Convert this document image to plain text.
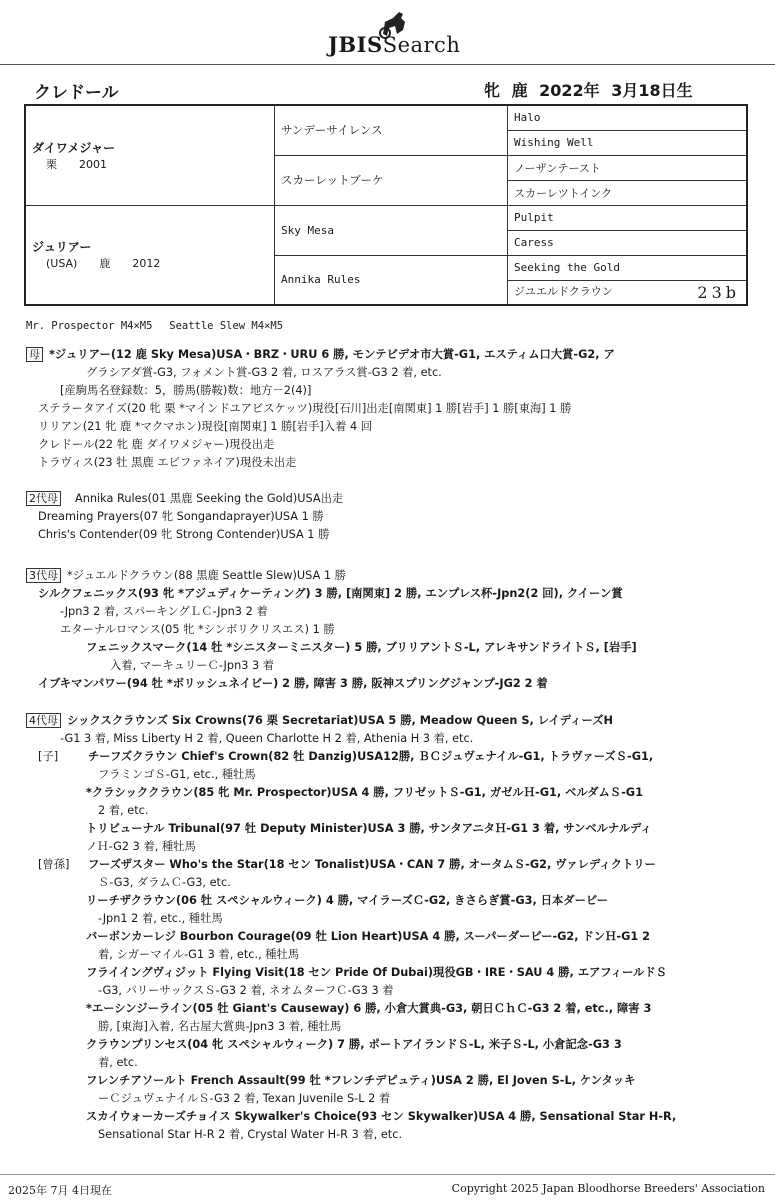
JBISSearch
クレドール	牝 鹿 2022年 3月18日生
ダイワメジャー
栗　　2001	サンデーサイレンス	Halo
		Wishing Well
	スカーレットブーケ	ノーザンテースト
		スカーレツトインク

ジュリアー
(USA)　　鹿　　2012	Sky Mesa	Pulpit
		Caress
	Annika Rules	Seeking the Gold
		ジユエルドクラウン 23b
Mr. Prospector M4×M5　 Seattle Slew M4×M5
母 *ジュリアー(12 鹿 Sky Mesa)USA・BRZ・URU 6 勝, モンテビデオ市大賞-G1, エスティム口大賞-G2, ア
グラシアダ賞-G3, フォメント賞-G3 2 着, ロスアラス賞-G3 2 着, etc.
[産駒馬名登録数：5，勝馬(勝鞍)数：地方－2(4)]
ステラータアイズ(20 牝 栗 *マインドユアビスケッツ)現役[石川]出走[南関東] 1 勝[岩手] 1 勝[東海] 1 勝
リリアン(21 牝 鹿 *マクマホン)現役[南関東] 1 勝[岩手]入着 4 回
クレドール(22 牝 鹿 ダイワメジャー)現役出走
トラヴィス(23 牡 黒鹿 エピファネイア)現役未出走
2代母 Annika Rules(01 黒鹿 Seeking the Gold)USA出走
Dreaming Prayers(07 牝 Songandaprayer)USA 1 勝
Chris's Contender(09 牝 Strong Contender)USA 1 勝
3代母 *ジュエルドクラウン(88 黒鹿 Seattle Slew)USA 1 勝
シルクフェニックス(93 牝 *アジュディケーティング) 3 勝, [南関東] 2 勝, エンプレス杯-Jpn2(2 回), クイーン賞
-Jpn3 2 着, スパーキングＬＣ-Jpn3 2 着
エターナルロマンス(05 牝 *シンボリクリスエス) 1 勝
フェニックスマーク(14 牡 *シニスターミニスター) 5 勝, ブリリアントＳ-L, アレキサンドライトＳ, [岩手]
入着, マーキュリーＣ-Jpn3 3 着
イブキマンパワー(94 牡 *ボリッシュネイビー) 2 勝, 障害 3 勝, 阪神スプリングジャンプ-JG2 2 着
4代母 シックスクラウンズ Six Crowns(76 栗 Secretariat)USA 5 勝, Meadow Queen S, レイディーズH
-G1 3 着, Miss Liberty H 2 着, Queen Charlotte H 2 着, Athenia H 3 着, etc.
[子]	チーフズクラウン Chief's Crown(82 牡 Danzig)USA12勝, ＢＣジュヴェナイル-G1, トラヴァーズＳ-G1,
フラミンゴＳ-G1, etc., 種牡馬
*クラシッククラウン(85 牝 Mr. Prospector)USA 4 勝, フリゼットＳ-G1, ガゼルＨ-G1, ベルダムＳ-G1
2 着, etc.
トリビューナル Tribunal(97 牡 Deputy Minister)USA 3 勝, サンタアニタＨ-G1 3 着, サンベルナルディ
ノＨ-G2 3 着, 種牡馬
[曾孫] フーズザスター Who's the Star(18 セン Tonalist)USA・CAN 7 勝, オータムＳ-G2, ヴァレディクトリー
Ｓ-G3, ダラムＣ-G3, etc.
リーチザクラウン(06 牡 スペシャルウィーク) 4 勝, マイラーズＣ-G2, きさらぎ賞-G3, 日本ダービー
-Jpn1 2 着, etc., 種牡馬
バーボンカーレジ Bourbon Courage(09 牡 Lion Heart)USA 4 勝, スーパーダービー-G2, ドンＨ-G1 2
着, シガーマイル-G1 3 着, etc., 種牡馬
フライイングヴィジット Flying Visit(18 セン Pride Of Dubai)現役GB・IRE・SAU 4 勝, エアフィールドＳ
-G3, パリーサックスＳ-G3 2 着, ネオムターフＣ-G3 3 着
*エーシンジーライン(05 牡 Giant's Causeway) 6 勝, 小倉大賞典-G3, 朝日ＣｈＣ-G3 2 着, etc., 障害 3
勝, [東海]入着, 名古屋大賞典-Jpn3 3 着, 種牡馬
クラウンプリンセス(04 牝 スペシャルウィーク) 7 勝, ポートアイランドＳ-L, 米子Ｓ-L, 小倉記念-G3 3
着, etc.
フレンチアソールト French Assault(99 牡 *フレンチデピュティ)USA 2 勝, El Joven S-L, ケンタッキ
ーＣジュヴェナイルＳ-G3 2 着, Texan Juvenile S-L 2 着
スカイウォーカーズチョイス Skywalker's Choice(93 セン Skywalker)USA 4 勝, Sensational Star H-R,
Sensational Star H-R 2 着, Crystal Water H-R 3 着, etc.
2025年 7月 4日現在	Copyright 2025 Japan Bloodhorse Breeders' Association
